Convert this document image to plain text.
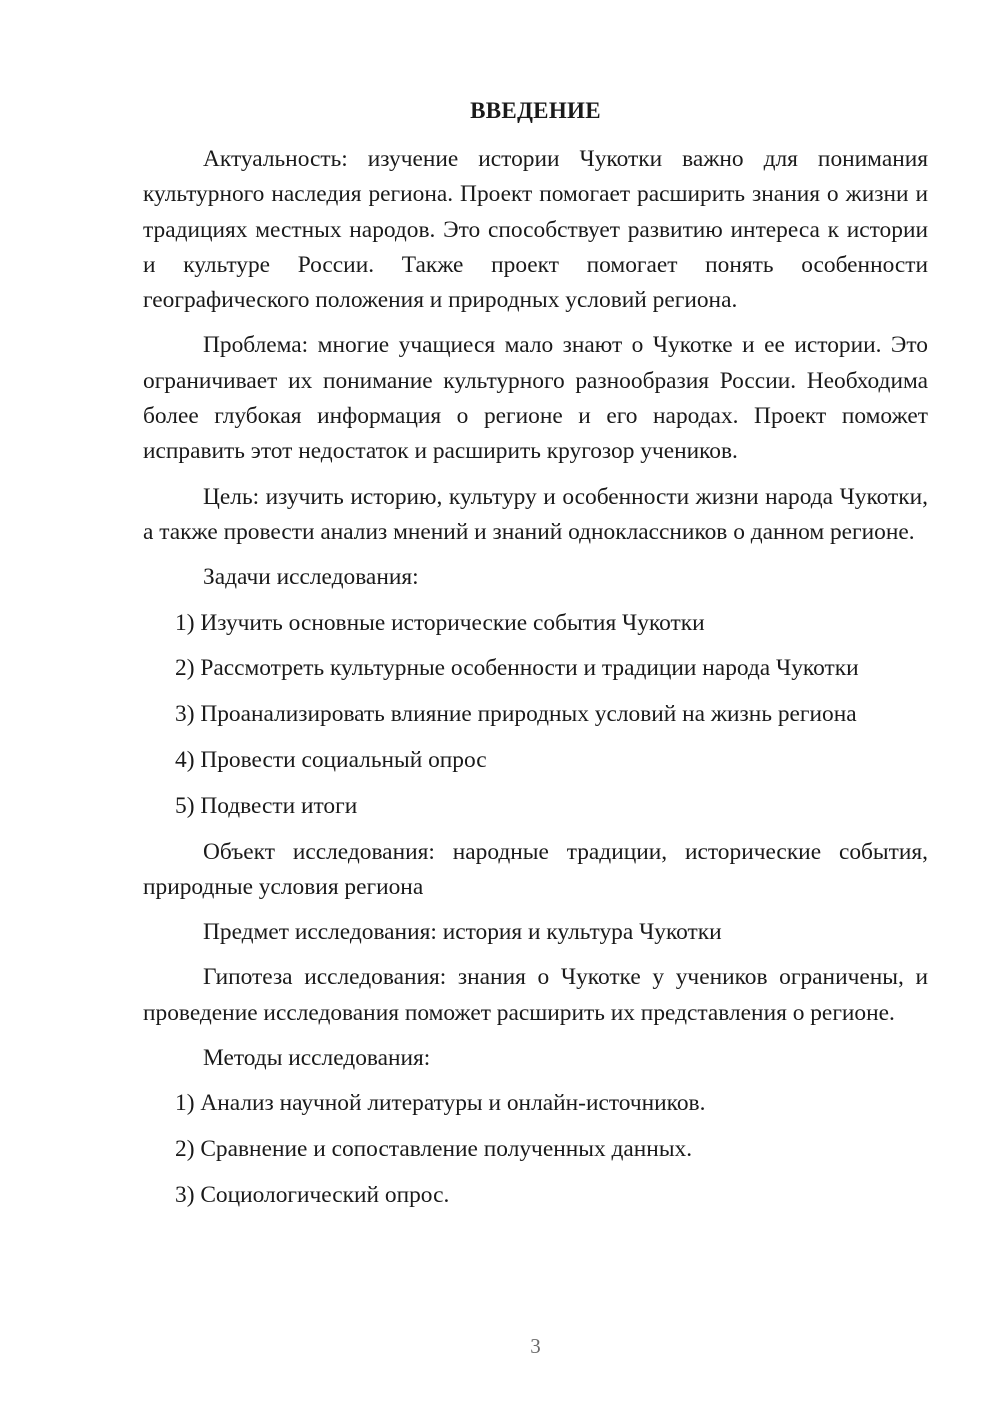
ВВЕДЕНИЕ

Актуальность: изучение истории Чукотки важно для понимания культурного наследия региона. Проект помогает расширить знания о жизни и традициях местных народов. Это способствует развитию интереса к истории и культуре России. Также проект помогает понять особенности географического положения и природных условий региона.

Проблема: многие учащиеся мало знают о Чукотке и ее истории. Это ограничивает их понимание культурного разнообразия России. Необходима более глубокая информация о регионе и его народах. Проект поможет исправить этот недостаток и расширить кругозор учеников.

Цель: изучить историю, культуру и особенности жизни народа Чукотки, а также провести анализ мнений и знаний одноклассников о данном регионе.

Задачи исследования:

1) Изучить основные исторические события Чукотки
2) Рассмотреть культурные особенности и традиции народа Чукотки
3) Проанализировать влияние природных условий на жизнь региона
4) Провести социальный опрос
5) Подвести итоги

Объект исследования: народные традиции, исторические события, природные условия региона

Предмет исследования: история и культура Чукотки

Гипотеза исследования: знания о Чукотке у учеников ограничены, и проведение исследования поможет расширить их представления о регионе.

Методы исследования:

1) Анализ научной литературы и онлайн-источников.
2) Сравнение и сопоставление полученных данных.
3) Социологический опрос.
3
